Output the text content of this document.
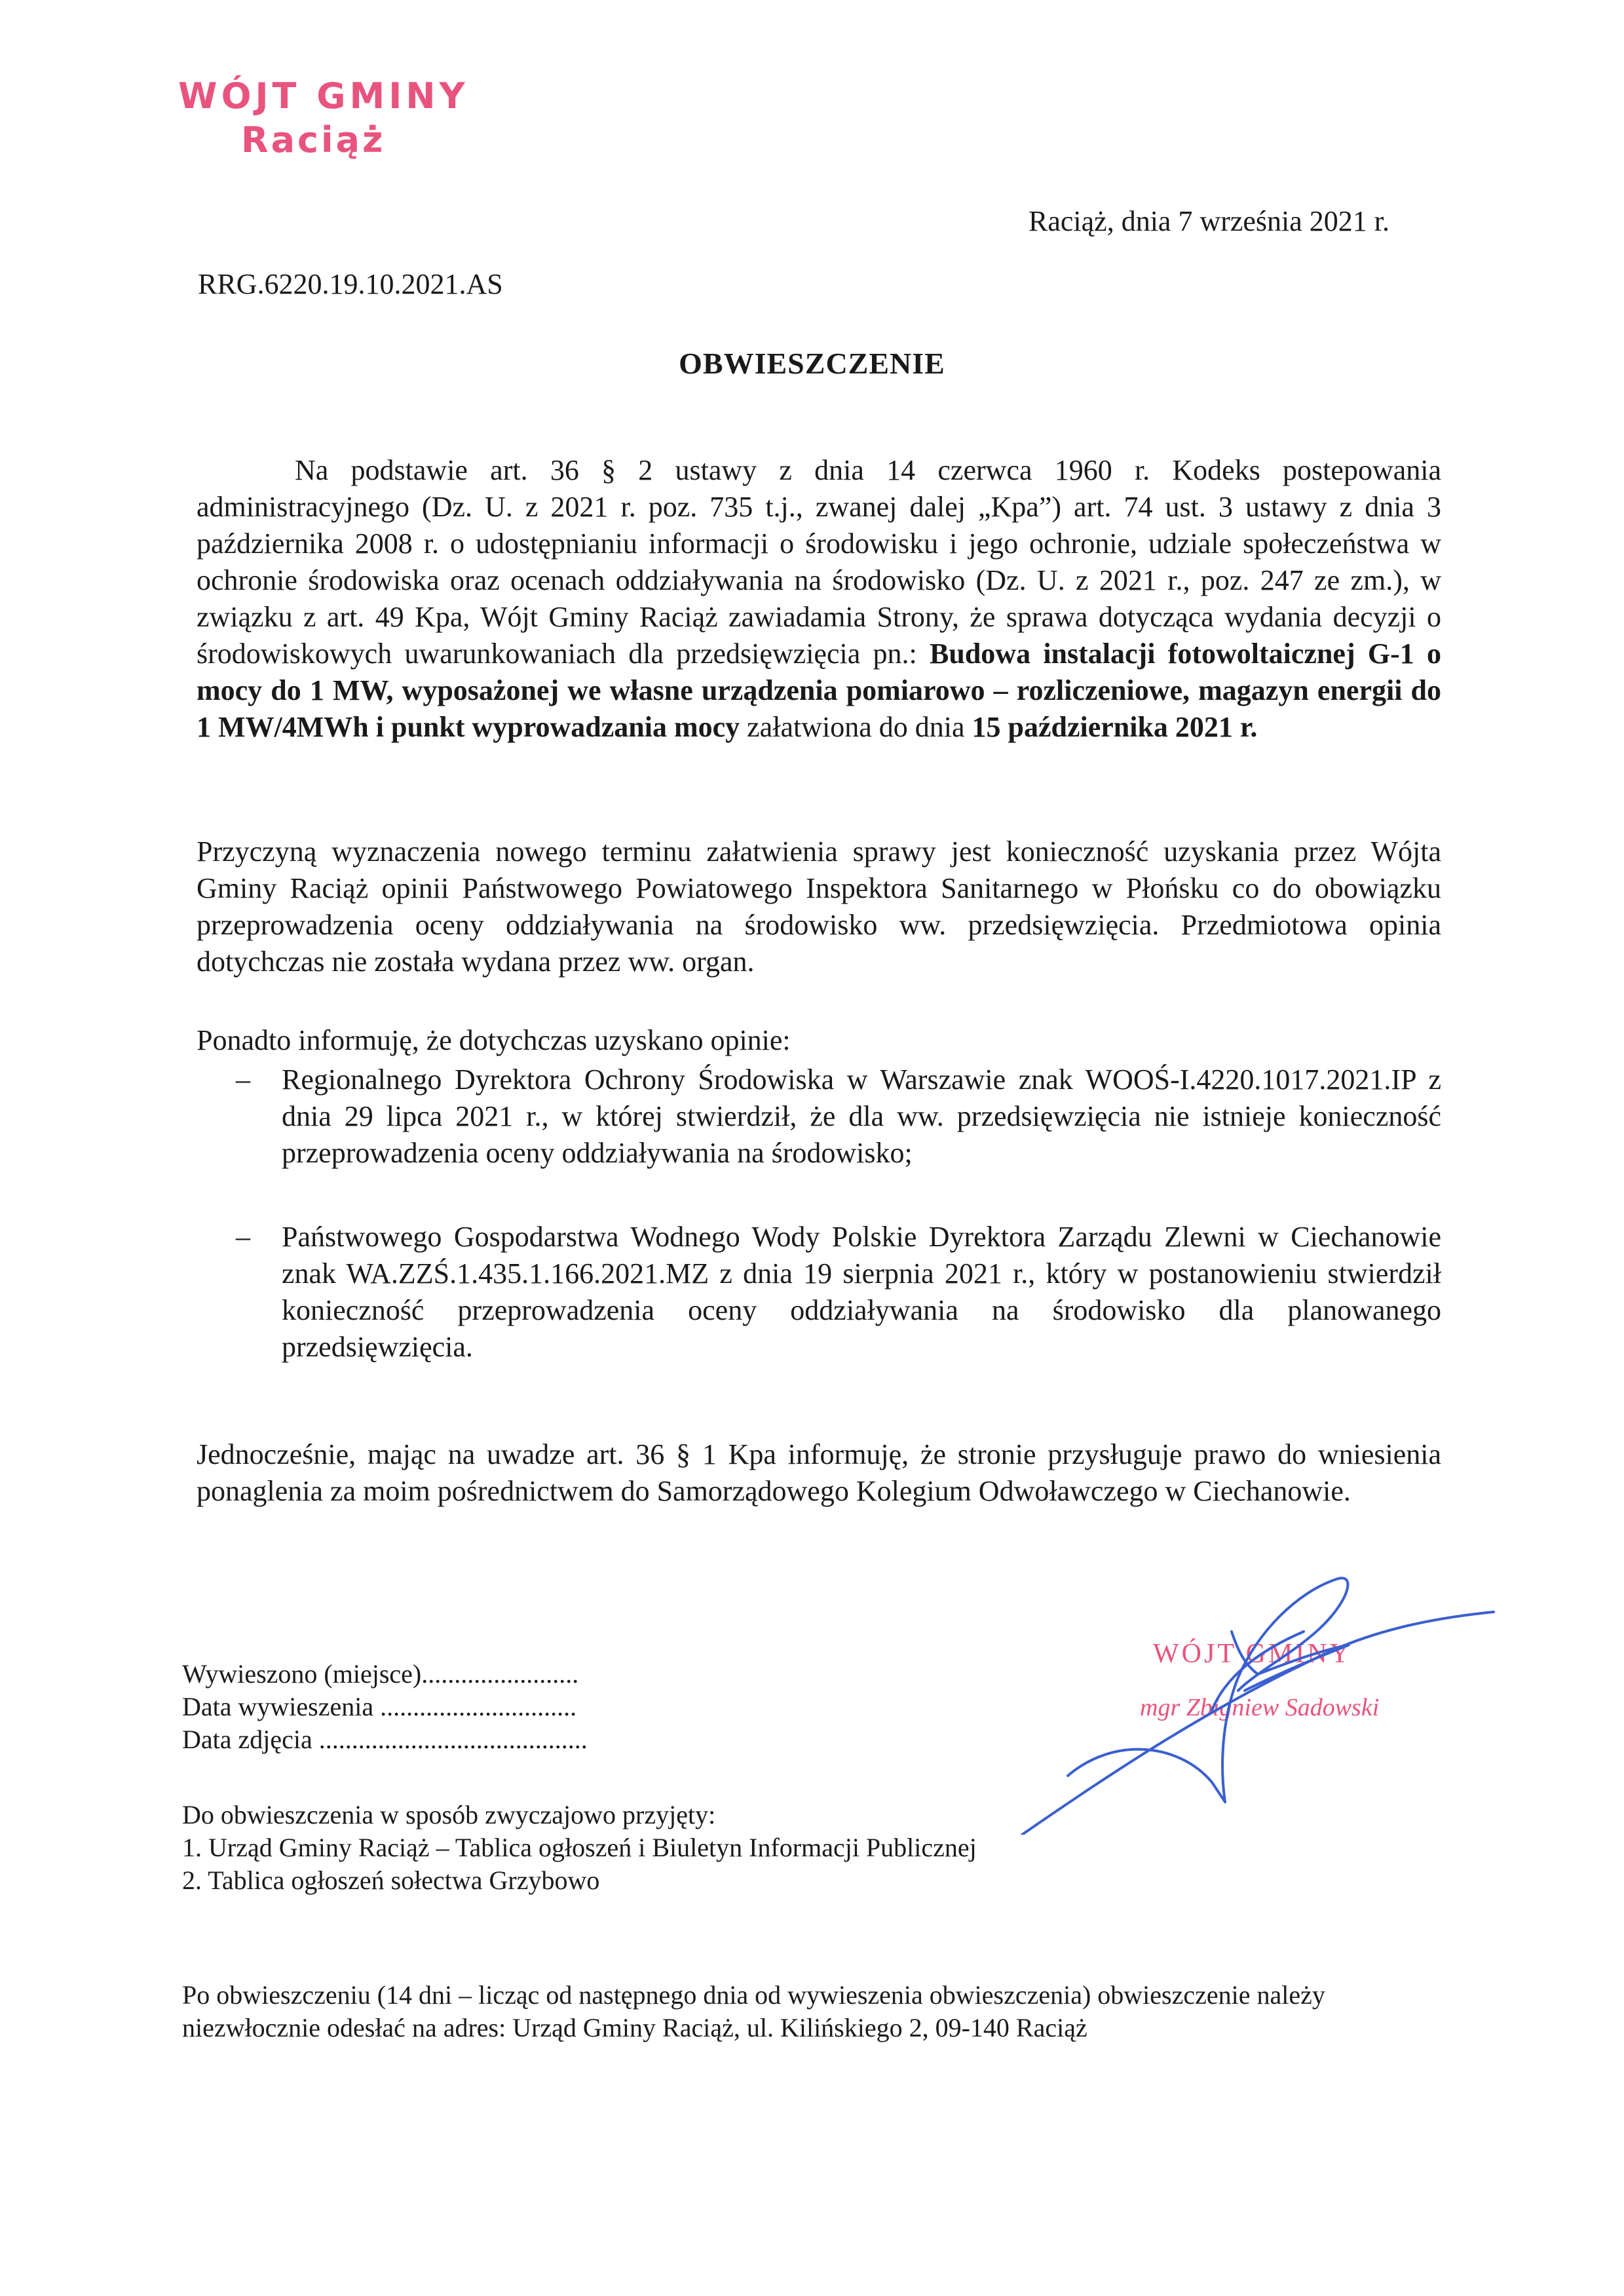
WÓJT GMINY
Raciąż
Raciąż, dnia 7 września 2021 r.
RRG.6220.19.10.2021.AS
OBWIESZCZENIE
Na podstawie art. 36 § 2 ustawy z dnia 14 czerwca 1960 r. Kodeks postepowania administracyjnego (Dz. U. z 2021 r. poz. 735 t.j., zwanej dalej „Kpa”) art. 74 ust. 3 ustawy z dnia 3 października 2008 r. o udostępnianiu informacji o środowisku i jego ochronie, udziale społeczeństwa w ochronie środowiska oraz ocenach oddziaływania na środowisko (Dz. U. z 2021 r., poz. 247 ze zm.), w związku z art. 49 Kpa, Wójt Gminy Raciąż zawiadamia Strony, że sprawa dotycząca wydania decyzji o środowiskowych uwarunkowaniach dla przedsięwzięcia pn.: Budowa instalacji fotowoltaicznej G-1 o mocy do 1 MW, wyposażonej we własne urządzenia pomiarowo – rozliczeniowe, magazyn energii do 1 MW/4MWh i punkt wyprowadzania mocy załatwiona do dnia 15 października 2021 r.
Przyczyną wyznaczenia nowego terminu załatwienia sprawy jest konieczność uzyskania przez Wójta Gminy Raciąż opinii Państwowego Powiatowego Inspektora Sanitarnego w Płońsku co do obowiązku przeprowadzenia oceny oddziaływania na środowisko ww. przedsięwzięcia. Przedmiotowa opinia dotychczas nie została wydana przez ww. organ.
Ponadto informuję, że dotychczas uzyskano opinie:
– Regionalnego Dyrektora Ochrony Środowiska w Warszawie znak WOOŚ-I.4220.1017.2021.IP z dnia 29 lipca 2021 r., w której stwierdził, że dla ww. przedsięwzięcia nie istnieje konieczność przeprowadzenia oceny oddziaływania na środowisko;
– Państwowego Gospodarstwa Wodnego Wody Polskie Dyrektora Zarządu Zlewni w Ciechanowie znak WA.ZZŚ.1.435.1.166.2021.MZ z dnia 19 sierpnia 2021 r., który w postanowieniu stwierdził konieczność przeprowadzenia oceny oddziaływania na środowisko dla planowanego przedsięwzięcia.
Jednocześnie, mając na uwadze art. 36 § 1 Kpa informuję, że stronie przysługuje prawo do wniesienia ponaglenia za moim pośrednictwem do Samorządowego Kolegium Odwoławczego w Ciechanowie.
Wywieszono (miejsce)........................
Data wywieszenia ..............................
Data zdjęcia .........................................
WÓJT GMINY
mgr Zbigniew Sadowski
Do obwieszczenia w sposób zwyczajowo przyjęty:
1. Urząd Gminy Raciąż – Tablica ogłoszeń i Biuletyn Informacji Publicznej
2. Tablica ogłoszeń sołectwa Grzybowo
Po obwieszczeniu (14 dni – licząc od następnego dnia od wywieszenia obwieszczenia) obwieszczenie należy niezwłocznie odesłać na adres: Urząd Gminy Raciąż, ul. Kilińskiego 2, 09-140 Raciąż
